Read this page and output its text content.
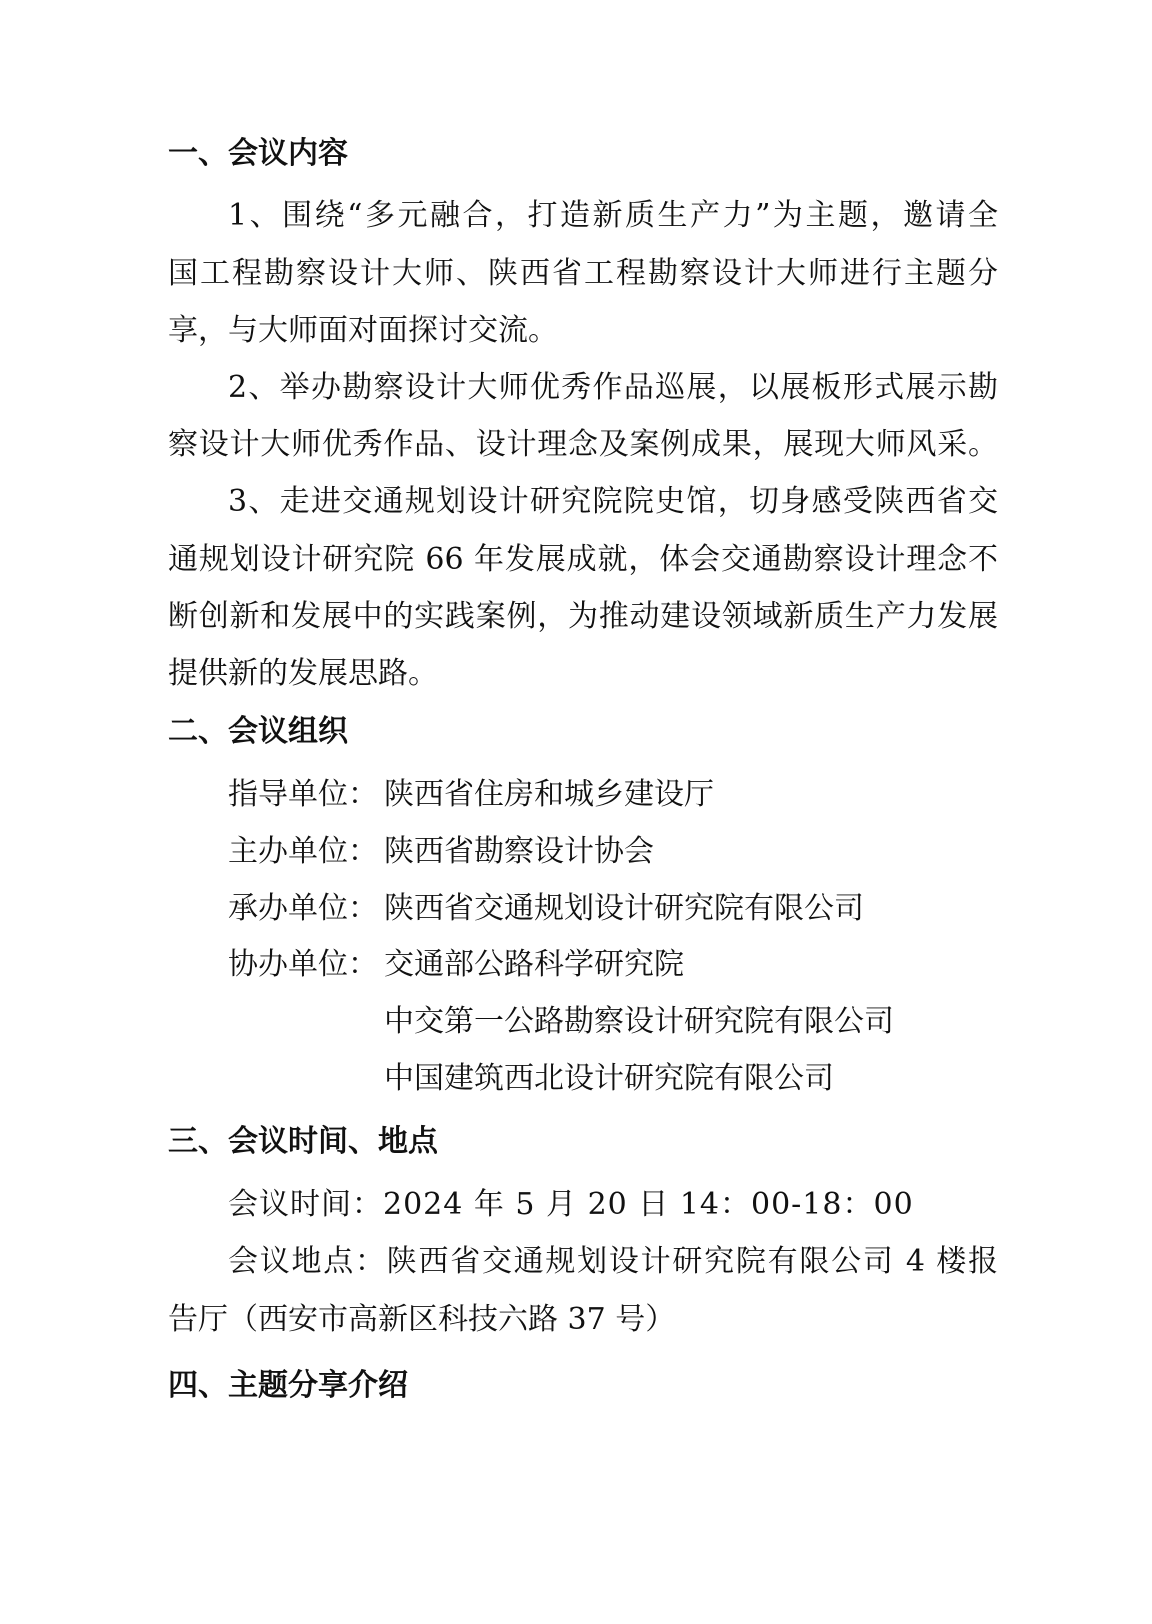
一、会议内容
1、围绕“多元融合，打造新质生产力”为主题，邀请全
国工程勘察设计大师、陕西省工程勘察设计大师进行主题分
享，与大师面对面探讨交流。
2、举办勘察设计大师优秀作品巡展，以展板形式展示勘
察设计大师优秀作品、设计理念及案例成果，展现大师风采。
3、走进交通规划设计研究院院史馆，切身感受陕西省交
通规划设计研究院 66 年发展成就，体会交通勘察设计理念不
断创新和发展中的实践案例，为推动建设领域新质生产力发展
提供新的发展思路。
二、会议组织
指导单位： 陕西省住房和城乡建设厅
主办单位： 陕西省勘察设计协会
承办单位： 陕西省交通规划设计研究院有限公司
协办单位： 交通部公路科学研究院
中交第一公路勘察设计研究院有限公司
中国建筑西北设计研究院有限公司
三、会议时间、地点
会议时间：2024 年 5 月 20 日 14：00-18：00
会议地点：陕西省交通规划设计研究院有限公司 4 楼报
告厅（西安市高新区科技六路 37 号）
四、主题分享介绍
